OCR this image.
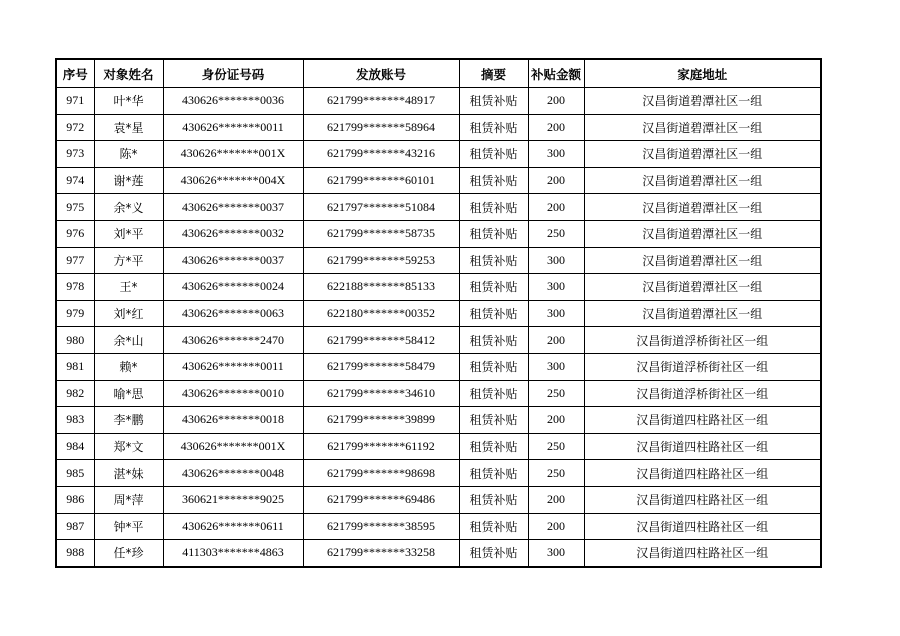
序号	对象姓名	身份证号码	发放账号	摘要	补贴金额	家庭地址
971	叶*华	430626*******0036	621799*******48917	租赁补贴	200	汉昌街道碧潭社区一组
972	袁*星	430626*******0011	621799*******58964	租赁补贴	200	汉昌街道碧潭社区一组
973	陈*	430626*******001X	621799*******43216	租赁补贴	300	汉昌街道碧潭社区一组
974	谢*莲	430626*******004X	621799*******60101	租赁补贴	200	汉昌街道碧潭社区一组
975	余*义	430626*******0037	621797*******51084	租赁补贴	200	汉昌街道碧潭社区一组
976	刘*平	430626*******0032	621799*******58735	租赁补贴	250	汉昌街道碧潭社区一组
977	方*平	430626*******0037	621799*******59253	租赁补贴	300	汉昌街道碧潭社区一组
978	王*	430626*******0024	622188*******85133	租赁补贴	300	汉昌街道碧潭社区一组
979	刘*红	430626*******0063	622180*******00352	租赁补贴	300	汉昌街道碧潭社区一组
980	余*山	430626*******2470	621799*******58412	租赁补贴	200	汉昌街道浮桥街社区一组
981	赖*	430626*******0011	621799*******58479	租赁补贴	300	汉昌街道浮桥街社区一组
982	喻*思	430626*******0010	621799*******34610	租赁补贴	250	汉昌街道浮桥街社区一组
983	李*鹏	430626*******0018	621799*******39899	租赁补贴	200	汉昌街道四柱路社区一组
984	郑*文	430626*******001X	621799*******61192	租赁补贴	250	汉昌街道四柱路社区一组
985	湛*妹	430626*******0048	621799*******98698	租赁补贴	250	汉昌街道四柱路社区一组
986	周*萍	360621*******9025	621799*******69486	租赁补贴	200	汉昌街道四柱路社区一组
987	钟*平	430626*******0611	621799*******38595	租赁补贴	200	汉昌街道四柱路社区一组
988	任*珍	411303*******4863	621799*******33258	租赁补贴	300	汉昌街道四柱路社区一组
